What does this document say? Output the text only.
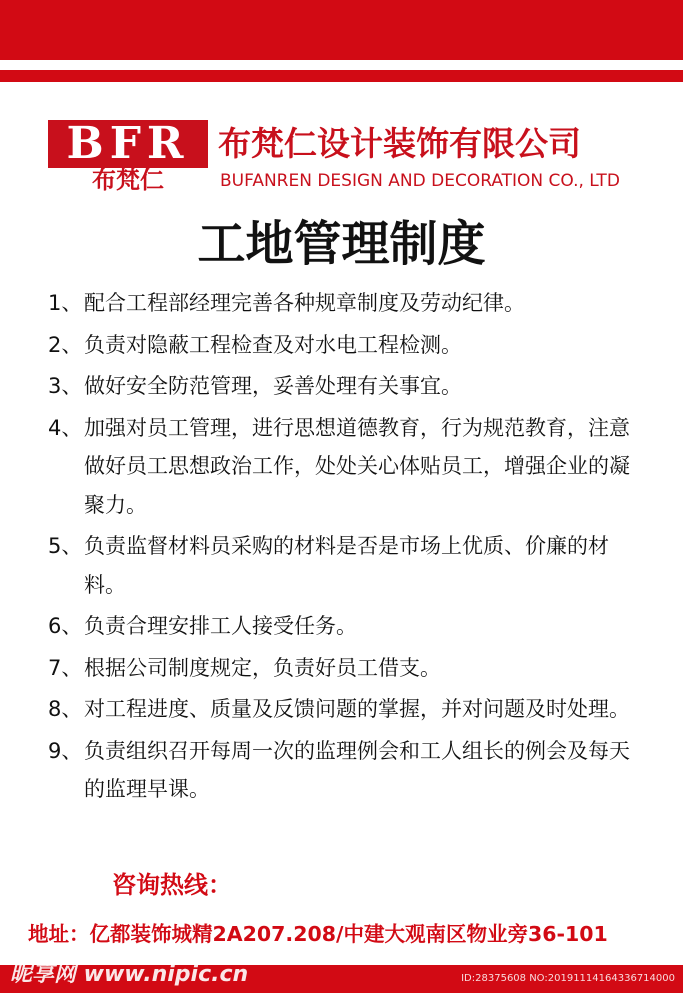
BFR
布梵仁
布梵仁设计装饰有限公司
BUFANREN DESIGN AND DECORATION CO., LTD
工地管理制度
1、 配合工程部经理完善各种规章制度及劳动纪律。
2、 负责对隐蔽工程检查及对水电工程检测。
3、 做好安全防范管理，妥善处理有关事宜。
4、 加强对员工管理，进行思想道德教育，行为规范教育，注意做好员工思想政治工作，处处关心体贴员工，增强企业的凝聚力。
5、 负责监督材料员采购的材料是否是市场上优质、价廉的材料。
6、 负责合理安排工人接受任务。
7、 根据公司制度规定，负责好员工借支。
8、 对工程进度、质量及反馈问题的掌握，并对问题及时处理。
9、 负责组织召开每周一次的监理例会和工人组长的例会及每天的监理早课。
咨询热线：
地址：亿都装饰城精2A207.208/中建大观南区物业旁36-101
昵享网 www.nipic.cn	ID:28375608 NO:20191114164336714000
